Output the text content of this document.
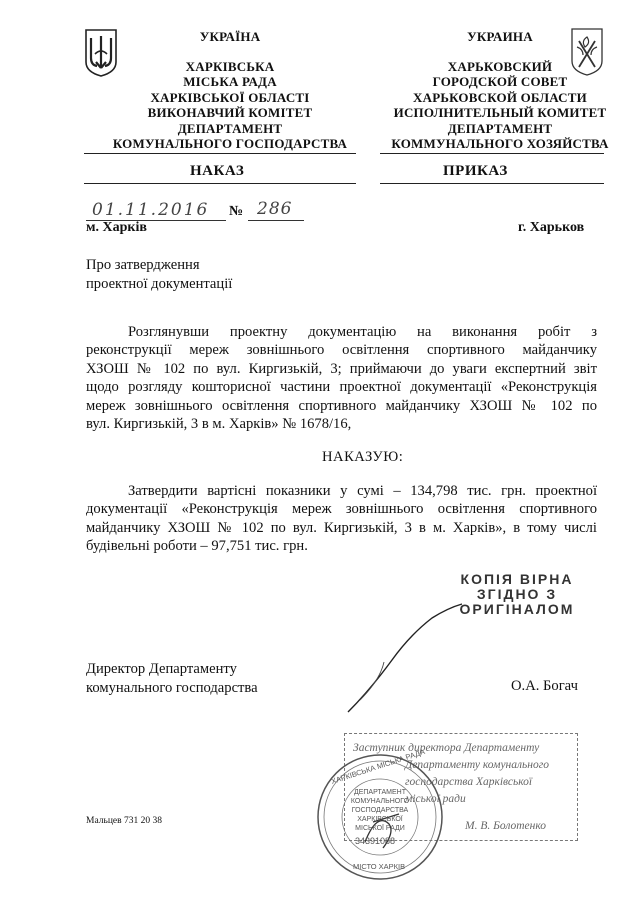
УКРАЇНА
ХАРКІВСЬКА
МІСЬКА РАДА
ХАРКІВСЬКОЇ ОБЛАСТІ
ВИКОНАВЧИЙ КОМІТЕТ
ДЕПАРТАМЕНТ
КОМУНАЛЬНОГО ГОСПОДАРСТВА
УКРАИНА
ХАРЬКОВСКИЙ
ГОРОДСКОЙ СОВЕТ
ХАРЬКОВСКОЙ ОБЛАСТИ
ИСПОЛНИТЕЛЬНЫЙ КОМИТЕТ
ДЕПАРТАМЕНТ
КОММУНАЛЬНОГО ХОЗЯЙСТВА
НАКАЗ	ПРИКАЗ
01.11.2016 № 286
м. Харків	г. Харьков
Про затвердження
проектної документації
Розглянувши проектну документацію на виконання робіт з
реконструкції мереж зовнішнього освітлення спортивного майданчику
ХЗОШ № 102 по вул. Киргизькій, 3; приймаючи до уваги експертний звіт
щодо розгляду кошторисної частини проектної документації «Реконструкція
мереж зовнішнього освітлення спортивного майданчику ХЗОШ № 102 по
вул. Киргизькій, 3 в м. Харків» № 1678/16,
НАКАЗУЮ:
Затвердити вартісні показники у сумі – 134,798 тис. грн. проектної
документації «Реконструкція мереж зовнішнього освітлення спортивного
майданчику ХЗОШ № 102 по вул. Киргизькій, 3 в м. Харків», в тому числі
будівельні роботи – 97,751 тис. грн.
КОПІЯ ВІРНА
ЗГІДНО З
ОРИГІНАЛОМ
Директор Департаменту
комунального господарства	О.А. Богач
Заступник директора Департаменту
Департаменту комунального
господарства Харківської міської ради
М. В. Болотенко
ХАРКІВСЬКА МІСЬКА РАДА
ДЕПАРТАМЕНТ
КОМУНАЛЬНОГО
ГОСПОДАРСТВА
ХАРКІВСЬКОЇ
МІСЬКОЇ РАДИ
34391088
МІСТО ХАРКІВ
Мальцев 731 20 38
